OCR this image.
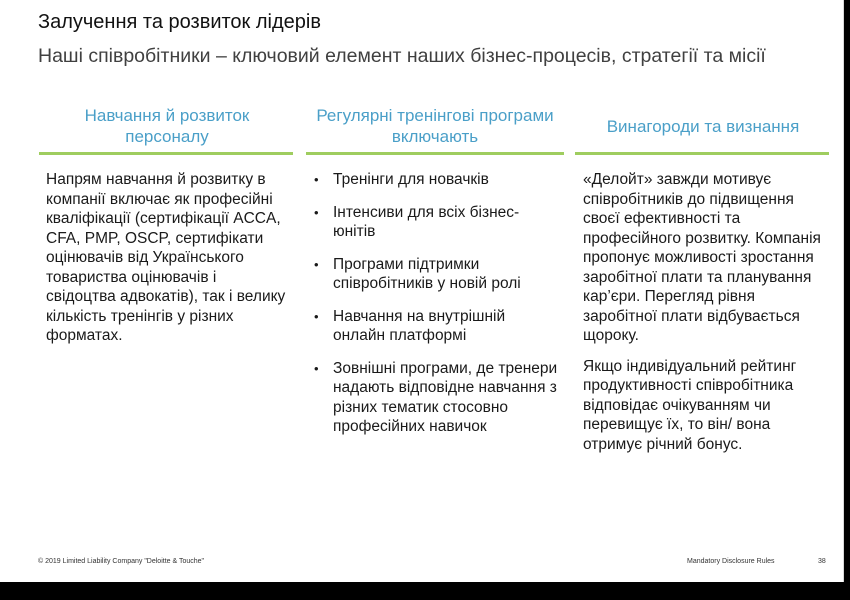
Залучення та розвиток лідерів
Наші співробітники – ключовий елемент наших бізнес-процесів, стратегії та місії
Навчання й розвиток персоналу

Напрям навчання й розвитку в компанії включає як професійні кваліфікації (сертифікації ACCA, CFA, PMP, OSCP, сертифікати оцінювачів від Українського товариства оцінювачів і свідоцтва адвокатів), так і велику кількість тренінгів у різних форматах.

Регулярні тренінгові програми включають
• Тренінги для новачків
• Інтенсиви для всіх бізнес-юнітів
• Програми підтримки співробітників у новій ролі
• Навчання на внутрішній онлайн платформі
• Зовнішні програми, де тренери надають відповідне навчання з різних тематик стосовно професійних навичок
Винагороди та визнання

«Делойт» завжди мотивує співробітників до підвищення своєї ефективності та професійного розвитку. Компанія пропонує можливості зростання заробітної плати та планування кар’єри. Перегляд рівня заробітної плати відбувається щороку.

Якщо індивідуальний рейтинг продуктивності співробітника відповідає очікуванням чи перевищує їх, то він/ вона отримує річний бонус.

© 2019 Limited Liability Company "Deloitte & Touche"	Mandatory Disclosure Rules	38
